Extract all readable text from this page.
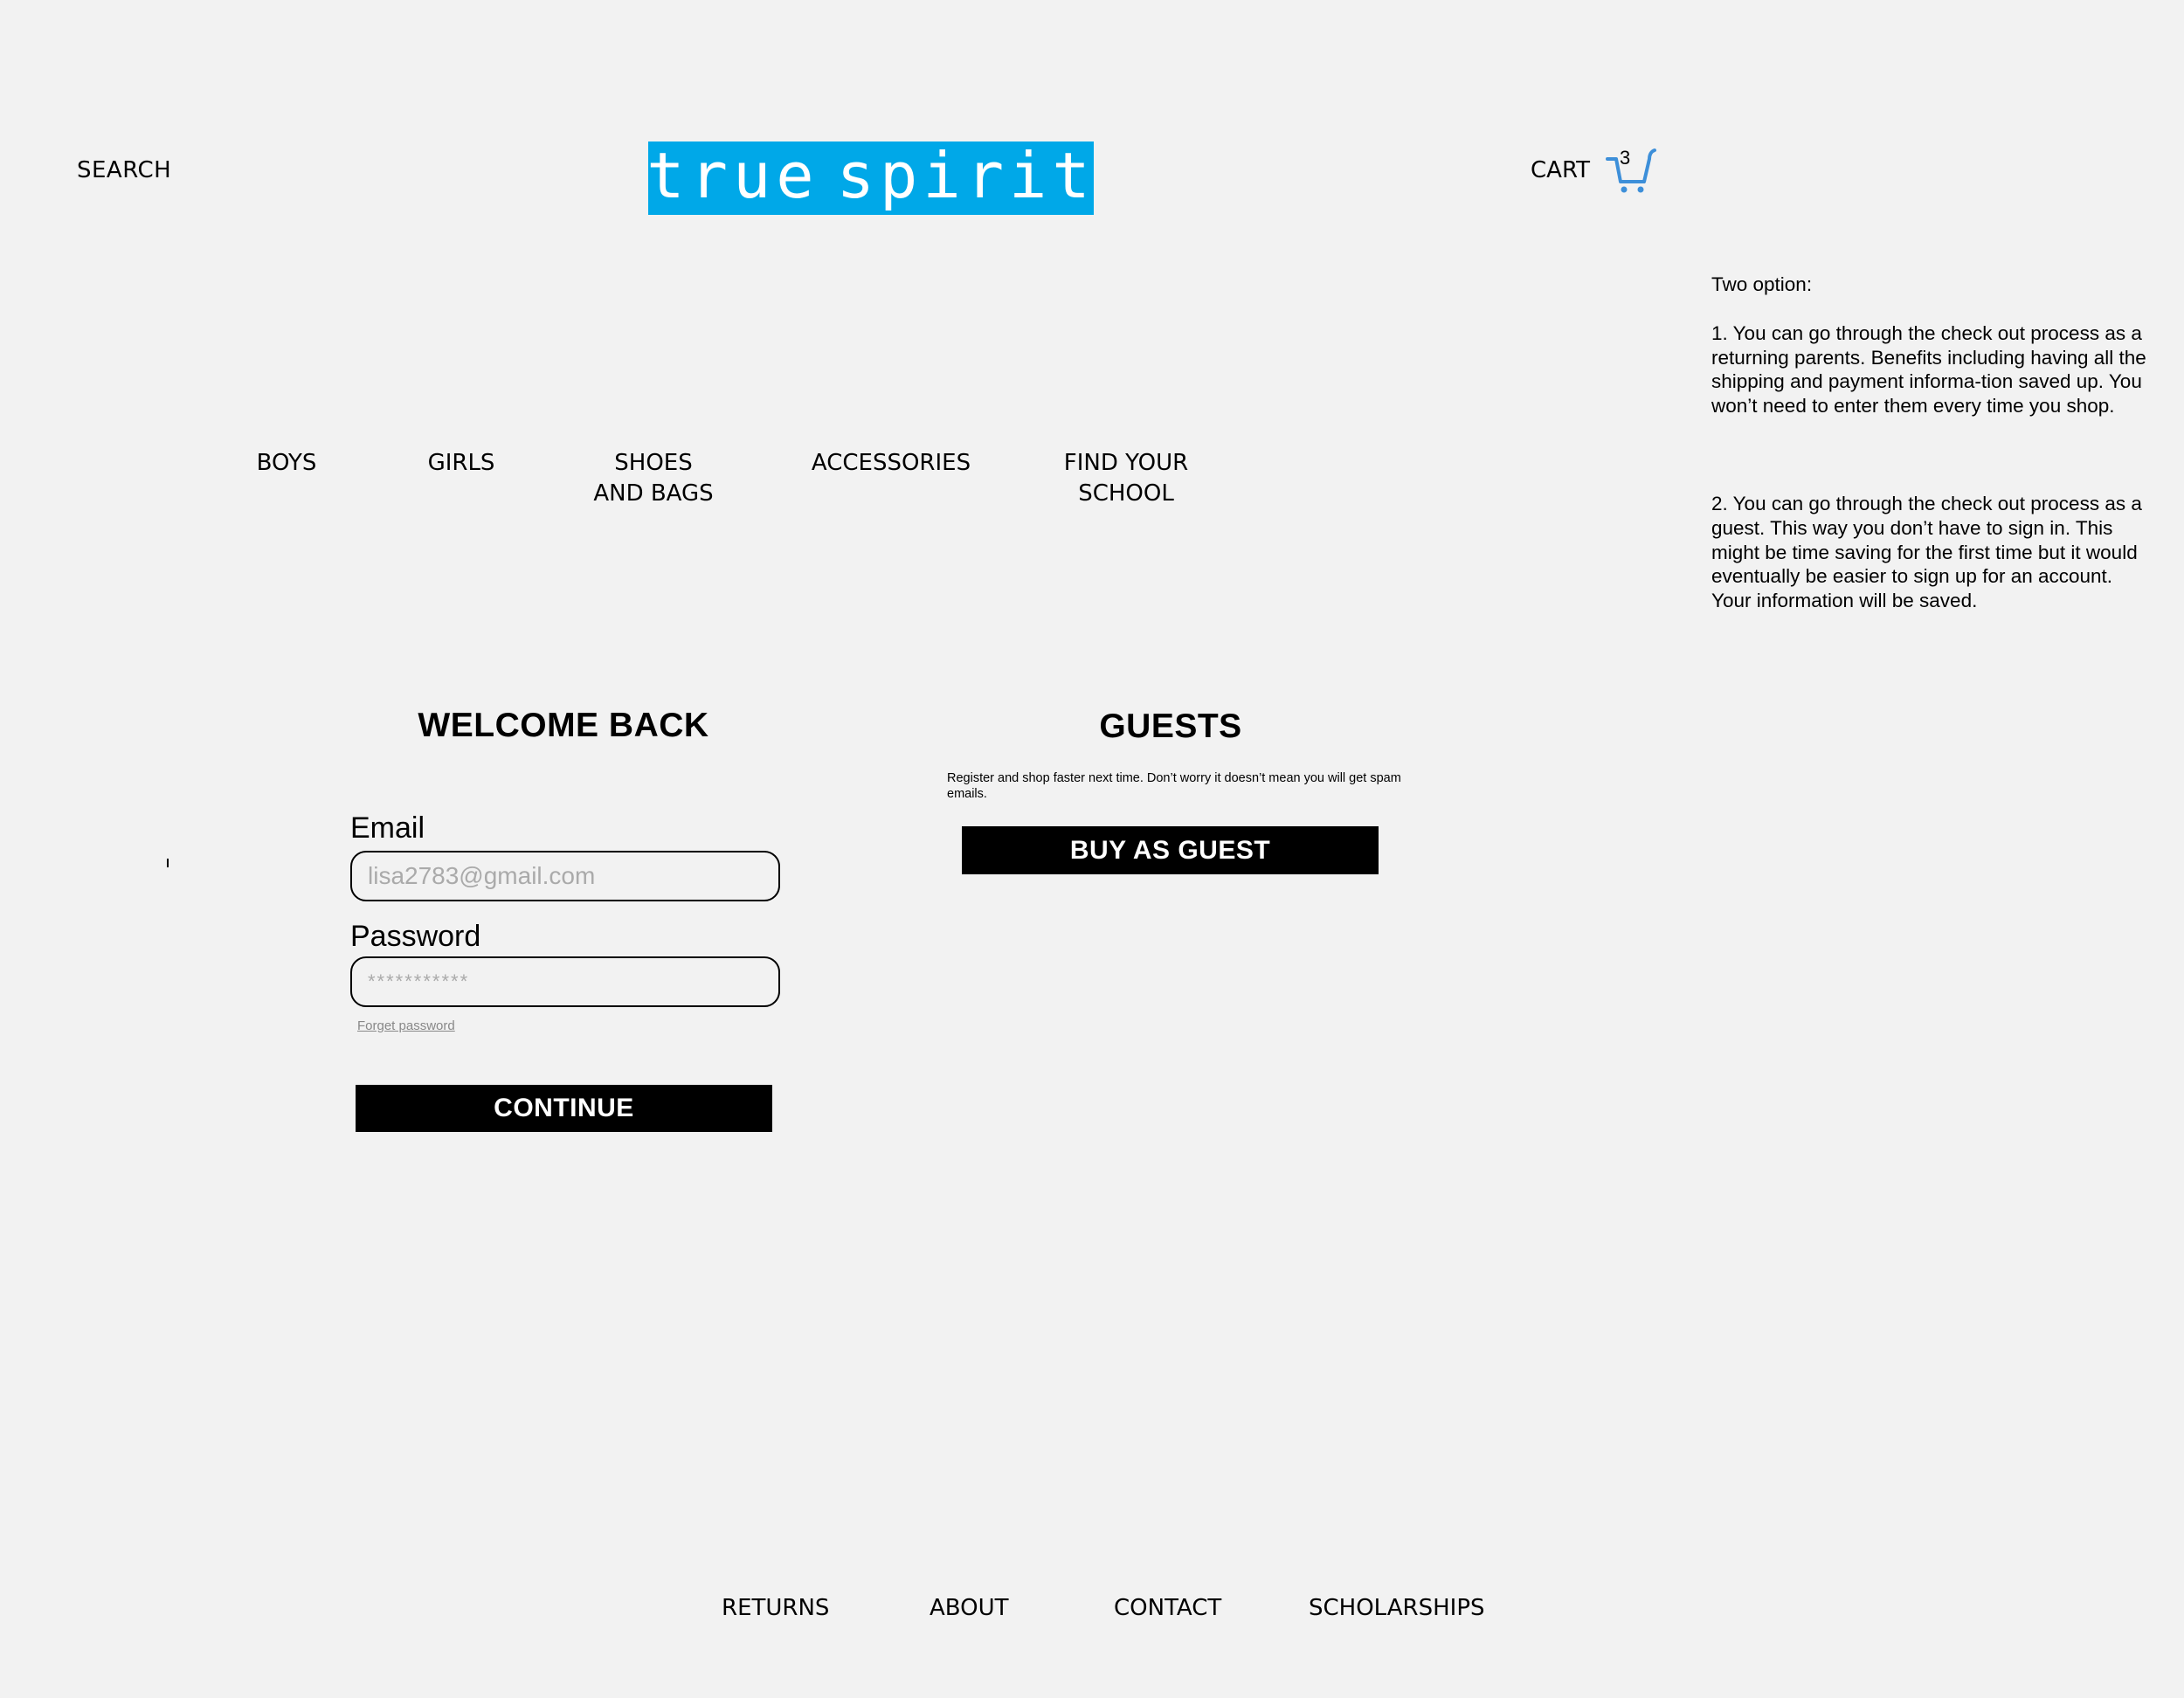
SEARCH	true spirit	CART 3
BOYS	GIRLS	SHOES
AND BAGS
ACCESSORIES	FIND YOUR
SCHOOL

Two option:

1. You can go through the check out process as a returning parents. Benefits including having all the shipping and payment informa-tion saved up. You won’t need to enter them every time you shop.

2. You can go through the check out process as a guest. This way you don’t have to sign in. This might be time saving for the first time but it would eventually be easier to sign up for an account. Your information will be saved.

WELCOME BACK
Email
lisa2783@gmail.com
Password
***********
Forget password
CONTINUE
GUESTS
Register and shop faster next time. Don’t worry it doesn’t mean you will get spam emails.
BUY AS GUEST
RETURNS	ABOUT	CONTACT	SCHOLARSHIPS
